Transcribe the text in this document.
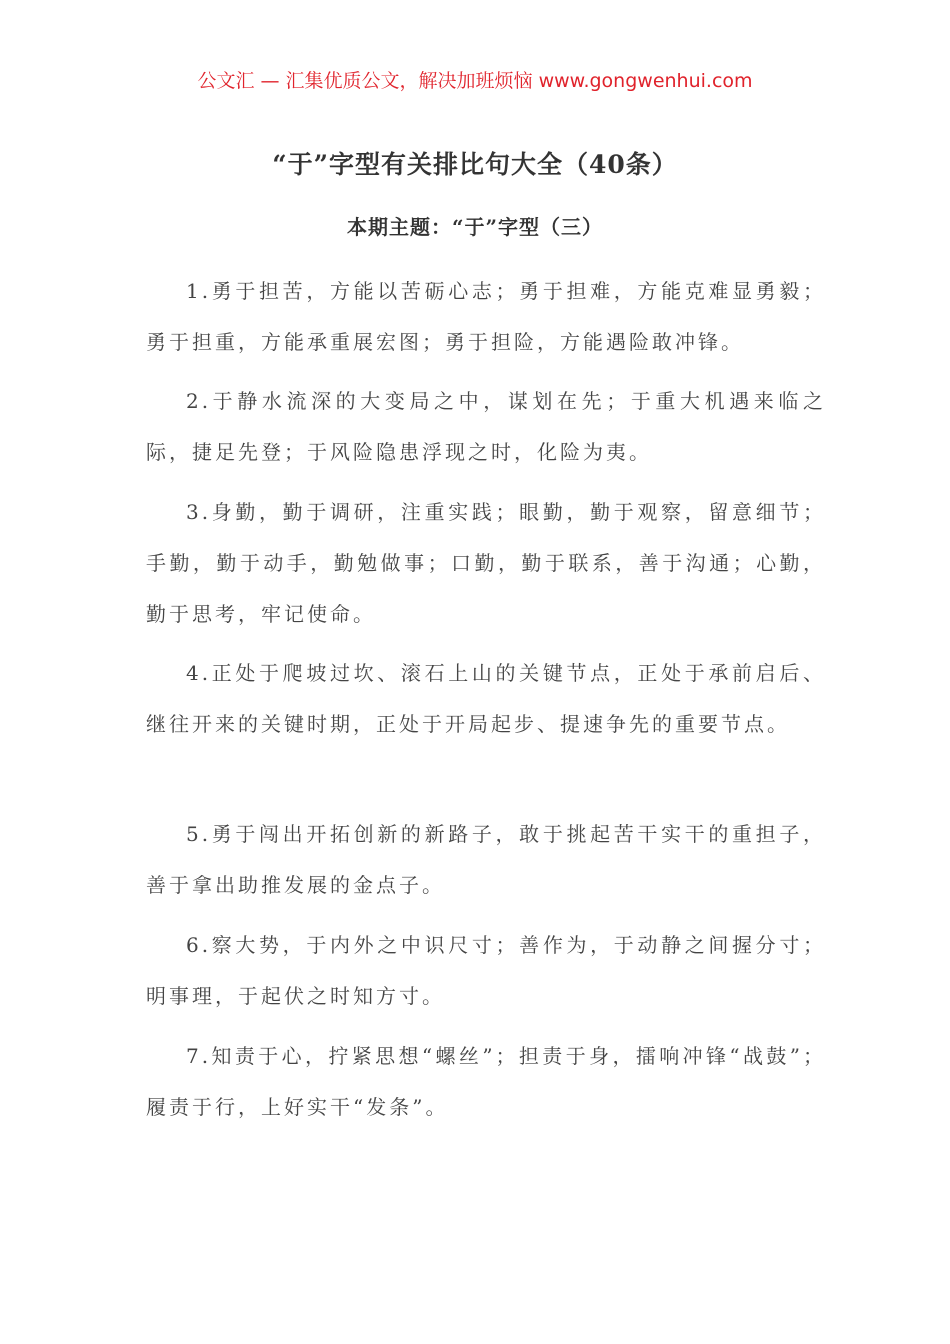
公文汇 — 汇集优质公文，解决加班烦恼 www.gongwenhui.com
“于”字型有关排比句大全（40条）
本期主题：“于”字型（三）

1.勇于担苦，方能以苦砺心志；勇于担难，方能克难显勇毅；勇于担重，方能承重展宏图；勇于担险，方能遇险敢冲锋。

2.于静水流深的大变局之中，谋划在先；于重大机遇来临之际，捷足先登；于风险隐患浮现之时，化险为夷。

3.身勤，勤于调研，注重实践；眼勤，勤于观察，留意细节；手勤，勤于动手，勤勉做事；口勤，勤于联系，善于沟通；心勤，勤于思考，牢记使命。

4.正处于爬坡过坎、滚石上山的关键节点，正处于承前启后、继往开来的关键时期，正处于开局起步、提速争先的重要节点。

5.勇于闯出开拓创新的新路子，敢于挑起苦干实干的重担子，善于拿出助推发展的金点子。

6.察大势，于内外之中识尺寸；善作为，于动静之间握分寸；明事理，于起伏之时知方寸。

7.知责于心，拧紧思想“螺丝”；担责于身，擂响冲锋“战鼓”；履责于行，上好实干“发条”。
